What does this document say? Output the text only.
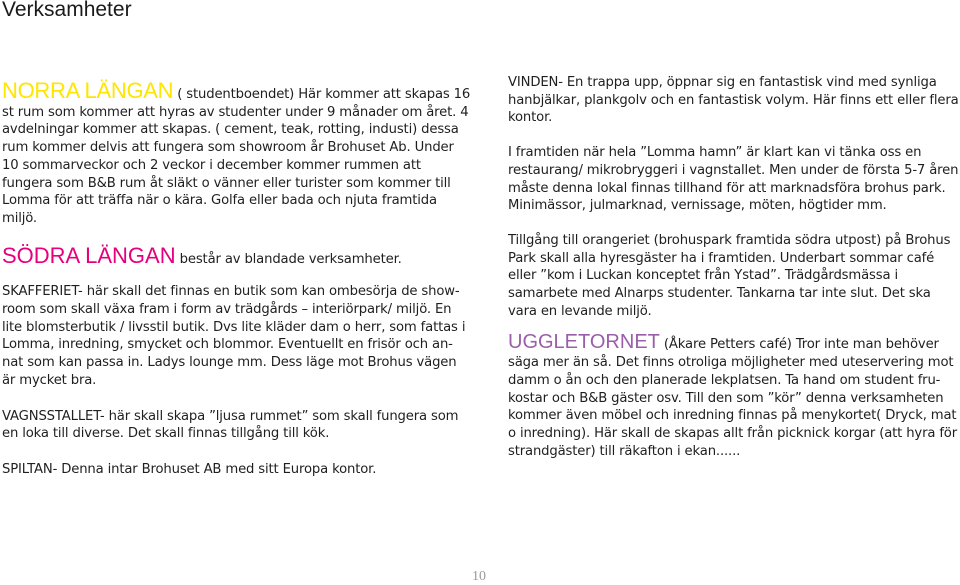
Verksamheter

NORRA LÄNGAN ( studentboendet) Här kommer att skapas 16 st rum som kommer att hyras av studenter under 9 månader om året. 4 avdelningar kommer att skapas. ( cement, teak, rotting, industi) dessa rum kommer delvis att fungera som showroom år Brohuset Ab. Under 10 sommarveckor och 2 veckor i december kommer rummen att fungera som B&B rum åt släkt o vänner eller turister som kommer till Lomma för att träffa när o kära. Golfa eller bada och njuta framtida miljö.

SÖDRA LÄNGAN består av blandade verksamheter.

SKAFFERIET- här skall det finnas en butik som kan ombesörja de show-room som skall växa fram i form av trädgårds – interiörpark/ miljö. En lite blomsterbutik / livsstil butik. Dvs lite kläder dam o herr, som fattas i Lomma, inredning, smycket och blommor. Eventuellt en frisör och an-nat som kan passa in. Ladys lounge mm. Dess läge mot Brohus vägen är mycket bra.

VAGNSSTALLET- här skall skapa ”ljusa rummet” som skall fungera som en loka till diverse. Det skall finnas tillgång till kök.

SPILTAN- Denna intar Brohuset AB med sitt Europa kontor.

VINDEN- En trappa upp, öppnar sig en fantastisk vind med synliga hanbjälkar, plankgolv och en fantastisk volym. Här finns ett eller flera kontor.

I framtiden när hela ”Lomma hamn” är klart kan vi tänka oss en restaurang/ mikrobryggeri i vagnstallet. Men under de första 5-7 åren måste denna lokal finnas tillhand för att marknadsföra brohus park. Minimässor, julmarknad, vernissage, möten, högtider mm.

Tillgång till orangeriet (brohuspark framtida södra utpost) på Brohus Park skall alla hyresgäster ha i framtiden. Underbart sommar café eller ”kom i Luckan konceptet från Ystad”. Trädgårdsmässa i samarbete med Alnarps studenter. Tankarna tar inte slut. Det ska vara en levande miljö.

UGGLETORNET (Åkare Petters café) Tror inte man behöver säga mer än så. Det finns otroliga möjligheter med uteservering mot damm o ån och den planerade lekplatsen. Ta hand om student fru-kostar och B&B gäster osv. Till den som ”kör” denna verksamheten kommer även möbel och inredning finnas på menykortet( Dryck, mat o inredning). Här skall de skapas allt från picknick korgar (att hyra för strandgäster) till räkafton i ekan......

10
